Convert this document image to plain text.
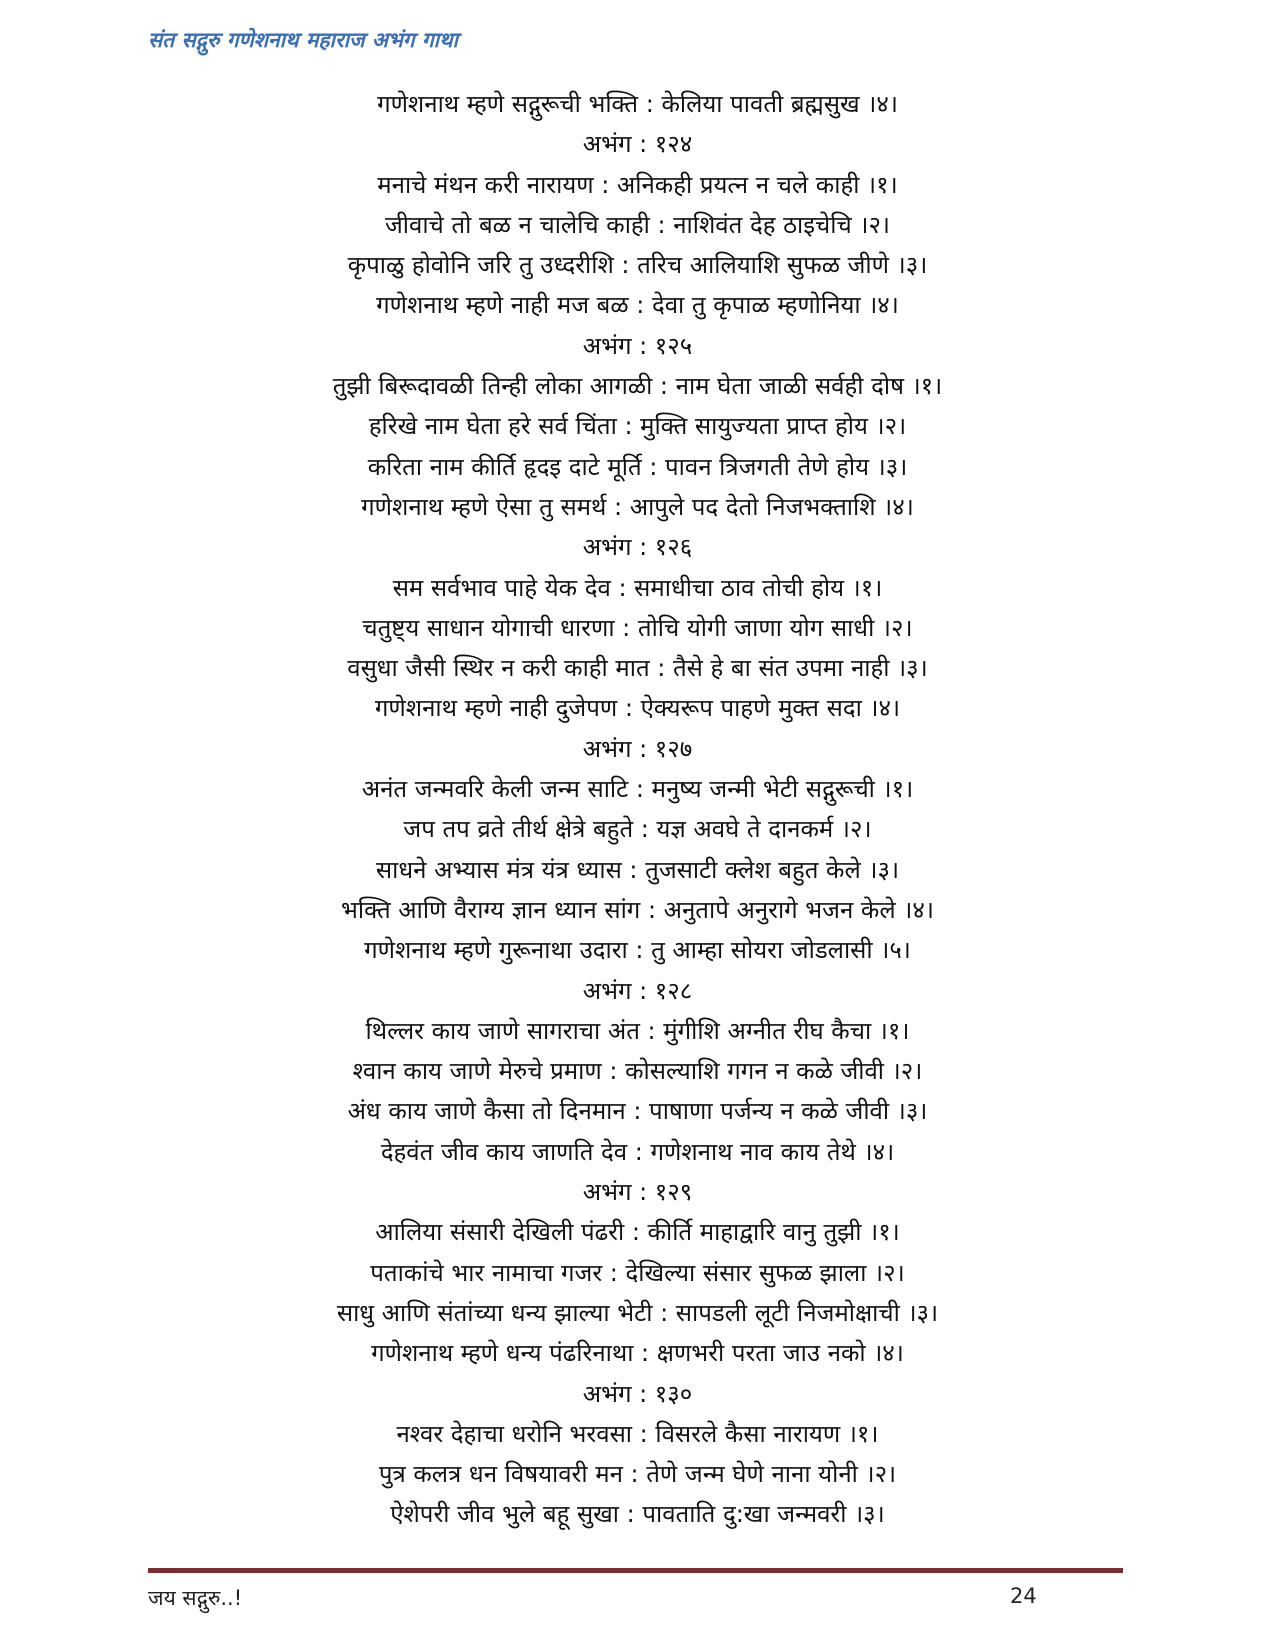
संत सद्गुरु गणेशनाथ महाराज अभंग गाथा
गणेशनाथ म्हणे सद्गुरूची भक्ति : केलिया पावती ब्रह्मसुख ।४।
अभंग : १२४
मनाचे मंथन करी नारायण : अनिकही प्रयत्न न चले काही ।१।
जीवाचे तो बळ न चालेचि काही : नाशिवंत देह ठाइचेचि ।२।
कृपाळु होवोनि जरि तु उध्दरीशि : तरिच आलियाशि सुफळ जीणे ।३।
गणेशनाथ म्हणे नाही मज बळ : देवा तु कृपाळ म्हणोनिया ।४।
अभंग : १२५
तुझी बिरूदावळी तिन्ही लोका आगळी : नाम घेता जाळी सर्वही दोष ।१।
हरिखे नाम घेता हरे सर्व चिंता : मुक्ति सायुज्यता प्राप्त होय ।२।
करिता नाम कीर्ति हृदइ दाटे मूर्ति : पावन त्रिजगती तेणे होय ।३।
गणेशनाथ म्हणे ऐसा तु समर्थ : आपुले पद देतो निजभक्ताशि ।४।
अभंग : १२६
सम सर्वभाव पाहे येक देव : समाधीचा ठाव तोची होय ।१।
चतुष्ट्य साधान योगाची धारणा : तोचि योगी जाणा योग साधी ।२।
वसुधा जैसी स्थिर न करी काही मात : तैसे हे बा संत उपमा नाही ।३।
गणेशनाथ म्हणे नाही दुजेपण : ऐक्यरूप पाहणे मुक्त सदा ।४।
अभंग : १२७
अनंत जन्मवरि केली जन्म साटि : मनुष्य जन्मी भेटी सद्गुरूची ।१।
जप तप व्रते तीर्थ क्षेत्रे बहुते : यज्ञ अवघे ते दानकर्म ।२।
साधने अभ्यास मंत्र यंत्र ध्यास : तुजसाटी क्लेश बहुत केले ।३।
भक्ति आणि वैराग्य ज्ञान ध्यान सांग : अनुतापे अनुरागे भजन केले ।४।
गणेशनाथ म्हणे गुरूनाथा उदारा : तु आम्हा सोयरा जोडलासी ।५।
अभंग : १२८
थिल्लर काय जाणे सागराचा अंत : मुंगीशि अग्नीत रीघ कैचा ।१।
श्वान काय जाणे मेरुचे प्रमाण : कोसल्याशि गगन न कळे जीवी ।२।
अंध काय जाणे कैसा तो दिनमान : पाषाणा पर्जन्य न कळे जीवी ।३।
देहवंत जीव काय जाणति देव : गणेशनाथ नाव काय तेथे ।४।
अभंग : १२९
आलिया संसारी देखिली पंढरी : कीर्ति माहाद्वारि वानु तुझी ।१।
पताकांचे भार नामाचा गजर : देखिल्या संसार सुफळ झाला ।२।
साधु आणि संतांच्या धन्य झाल्या भेटी : सापडली लूटी निजमोक्षाची ।३।
गणेशनाथ म्हणे धन्य पंढरिनाथा : क्षणभरी परता जाउ नको ।४।
अभंग : १३०
नश्वर देहाचा धरोनि भरवसा : विसरले कैसा नारायण ।१।
पुत्र कलत्र धन विषयावरी मन : तेणे जन्म घेणे नाना योनी ।२।
ऐशेपरी जीव भुले बहू सुखा : पावताति दु:खा जन्मवरी ।३।
जय सद्गुरु..!	24
